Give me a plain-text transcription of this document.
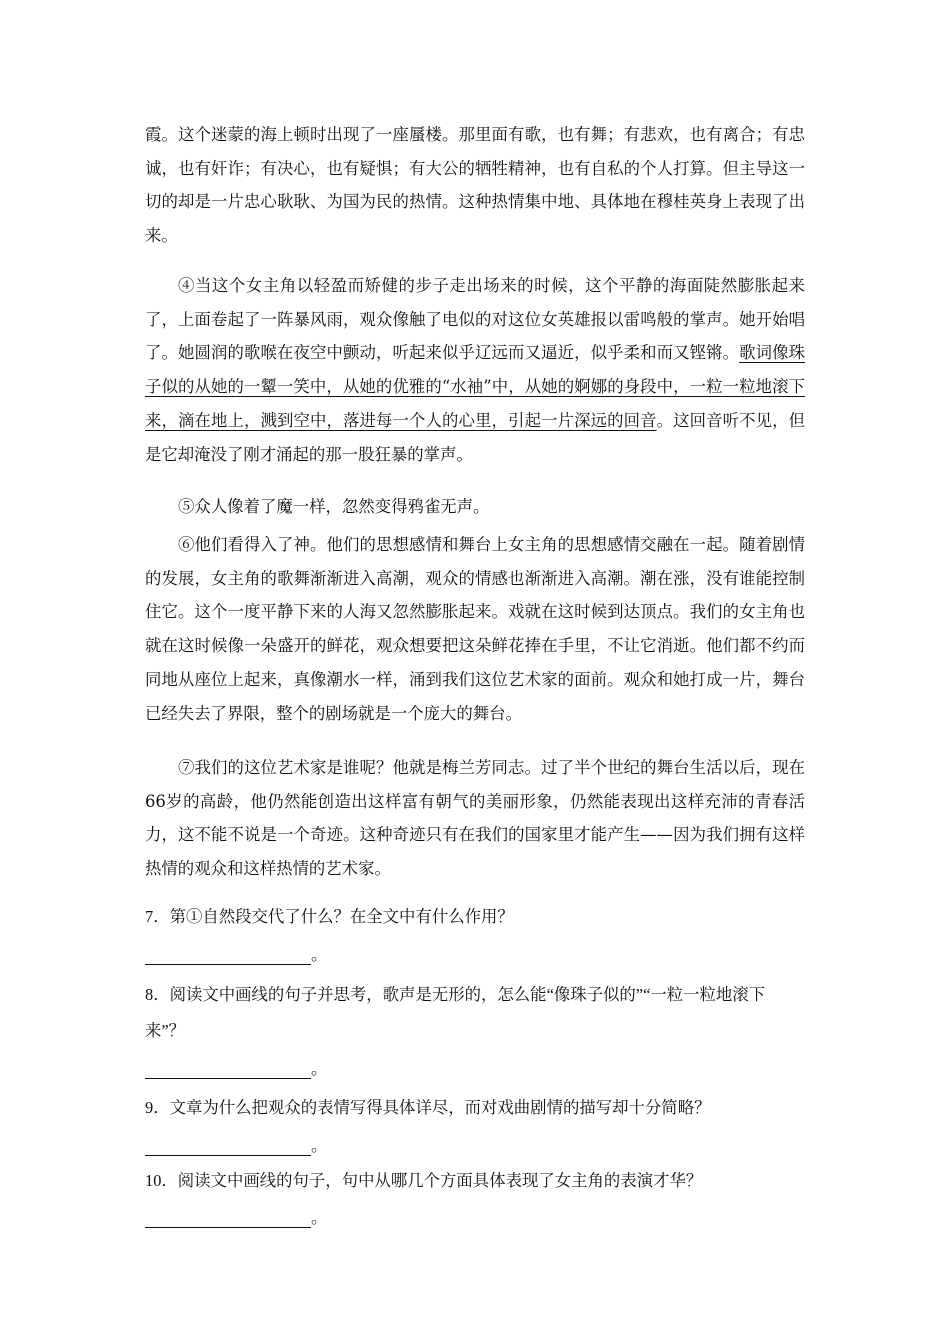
霞。这个迷蒙的海上顿时出现了一座蜃楼。那里面有歌，也有舞；有悲欢，也有离合；有忠诚，也有奸诈；有决心，也有疑惧；有大公的牺牲精神，也有自私的个人打算。但主导这一切的却是一片忠心耿耿、为国为民的热情。这种热情集中地、具体地在穆桂英身上表现了出来。

④当这个女主角以轻盈而矫健的步子走出场来的时候，这个平静的海面陡然膨胀起来了，上面卷起了一阵暴风雨，观众像触了电似的对这位女英雄报以雷鸣般的掌声。她开始唱了。她圆润的歌喉在夜空中颤动，听起来似乎辽远而又逼近，似乎柔和而又铿锵。歌词像珠子似的从她的一颦一笑中，从她的优雅的“水袖”中，从她的婀娜的身段中，一粒一粒地滚下来，滴在地上，溅到空中，落进每一个人的心里，引起一片深远的回音。这回音听不见，但是它却淹没了刚才涌起的那一股狂暴的掌声。

⑤众人像着了魔一样，忽然变得鸦雀无声。

⑥他们看得入了神。他们的思想感情和舞台上女主角的思想感情交融在一起。随着剧情的发展，女主角的歌舞渐渐进入高潮，观众的情感也渐渐进入高潮。潮在涨，没有谁能控制住它。这个一度平静下来的人海又忽然膨胀起来。戏就在这时候到达顶点。我们的女主角也就在这时候像一朵盛开的鲜花，观众想要把这朵鲜花捧在手里，不让它消逝。他们都不约而同地从座位上起来，真像潮水一样，涌到我们这位艺术家的面前。观众和她打成一片，舞台已经失去了界限，整个的剧场就是一个庞大的舞台。

⑦我们的这位艺术家是谁呢？他就是梅兰芳同志。过了半个世纪的舞台生活以后，现在66岁的高龄，他仍然能创造出这样富有朝气的美丽形象，仍然能表现出这样充沛的青春活力，这不能不说是一个奇迹。这种奇迹只有在我们的国家里才能产生——因为我们拥有这样热情的观众和这样热情的艺术家。

7．第①自然段交代了什么？在全文中有什么作用？

。

8．阅读文中画线的句子并思考，歌声是无形的，怎么能“像珠子似的”“一粒一粒地滚下来”？

。

9．文章为什么把观众的表情写得具体详尽，而对戏曲剧情的描写却十分简略？

。

10．阅读文中画线的句子，句中从哪几个方面具体表现了女主角的表演才华？

。
